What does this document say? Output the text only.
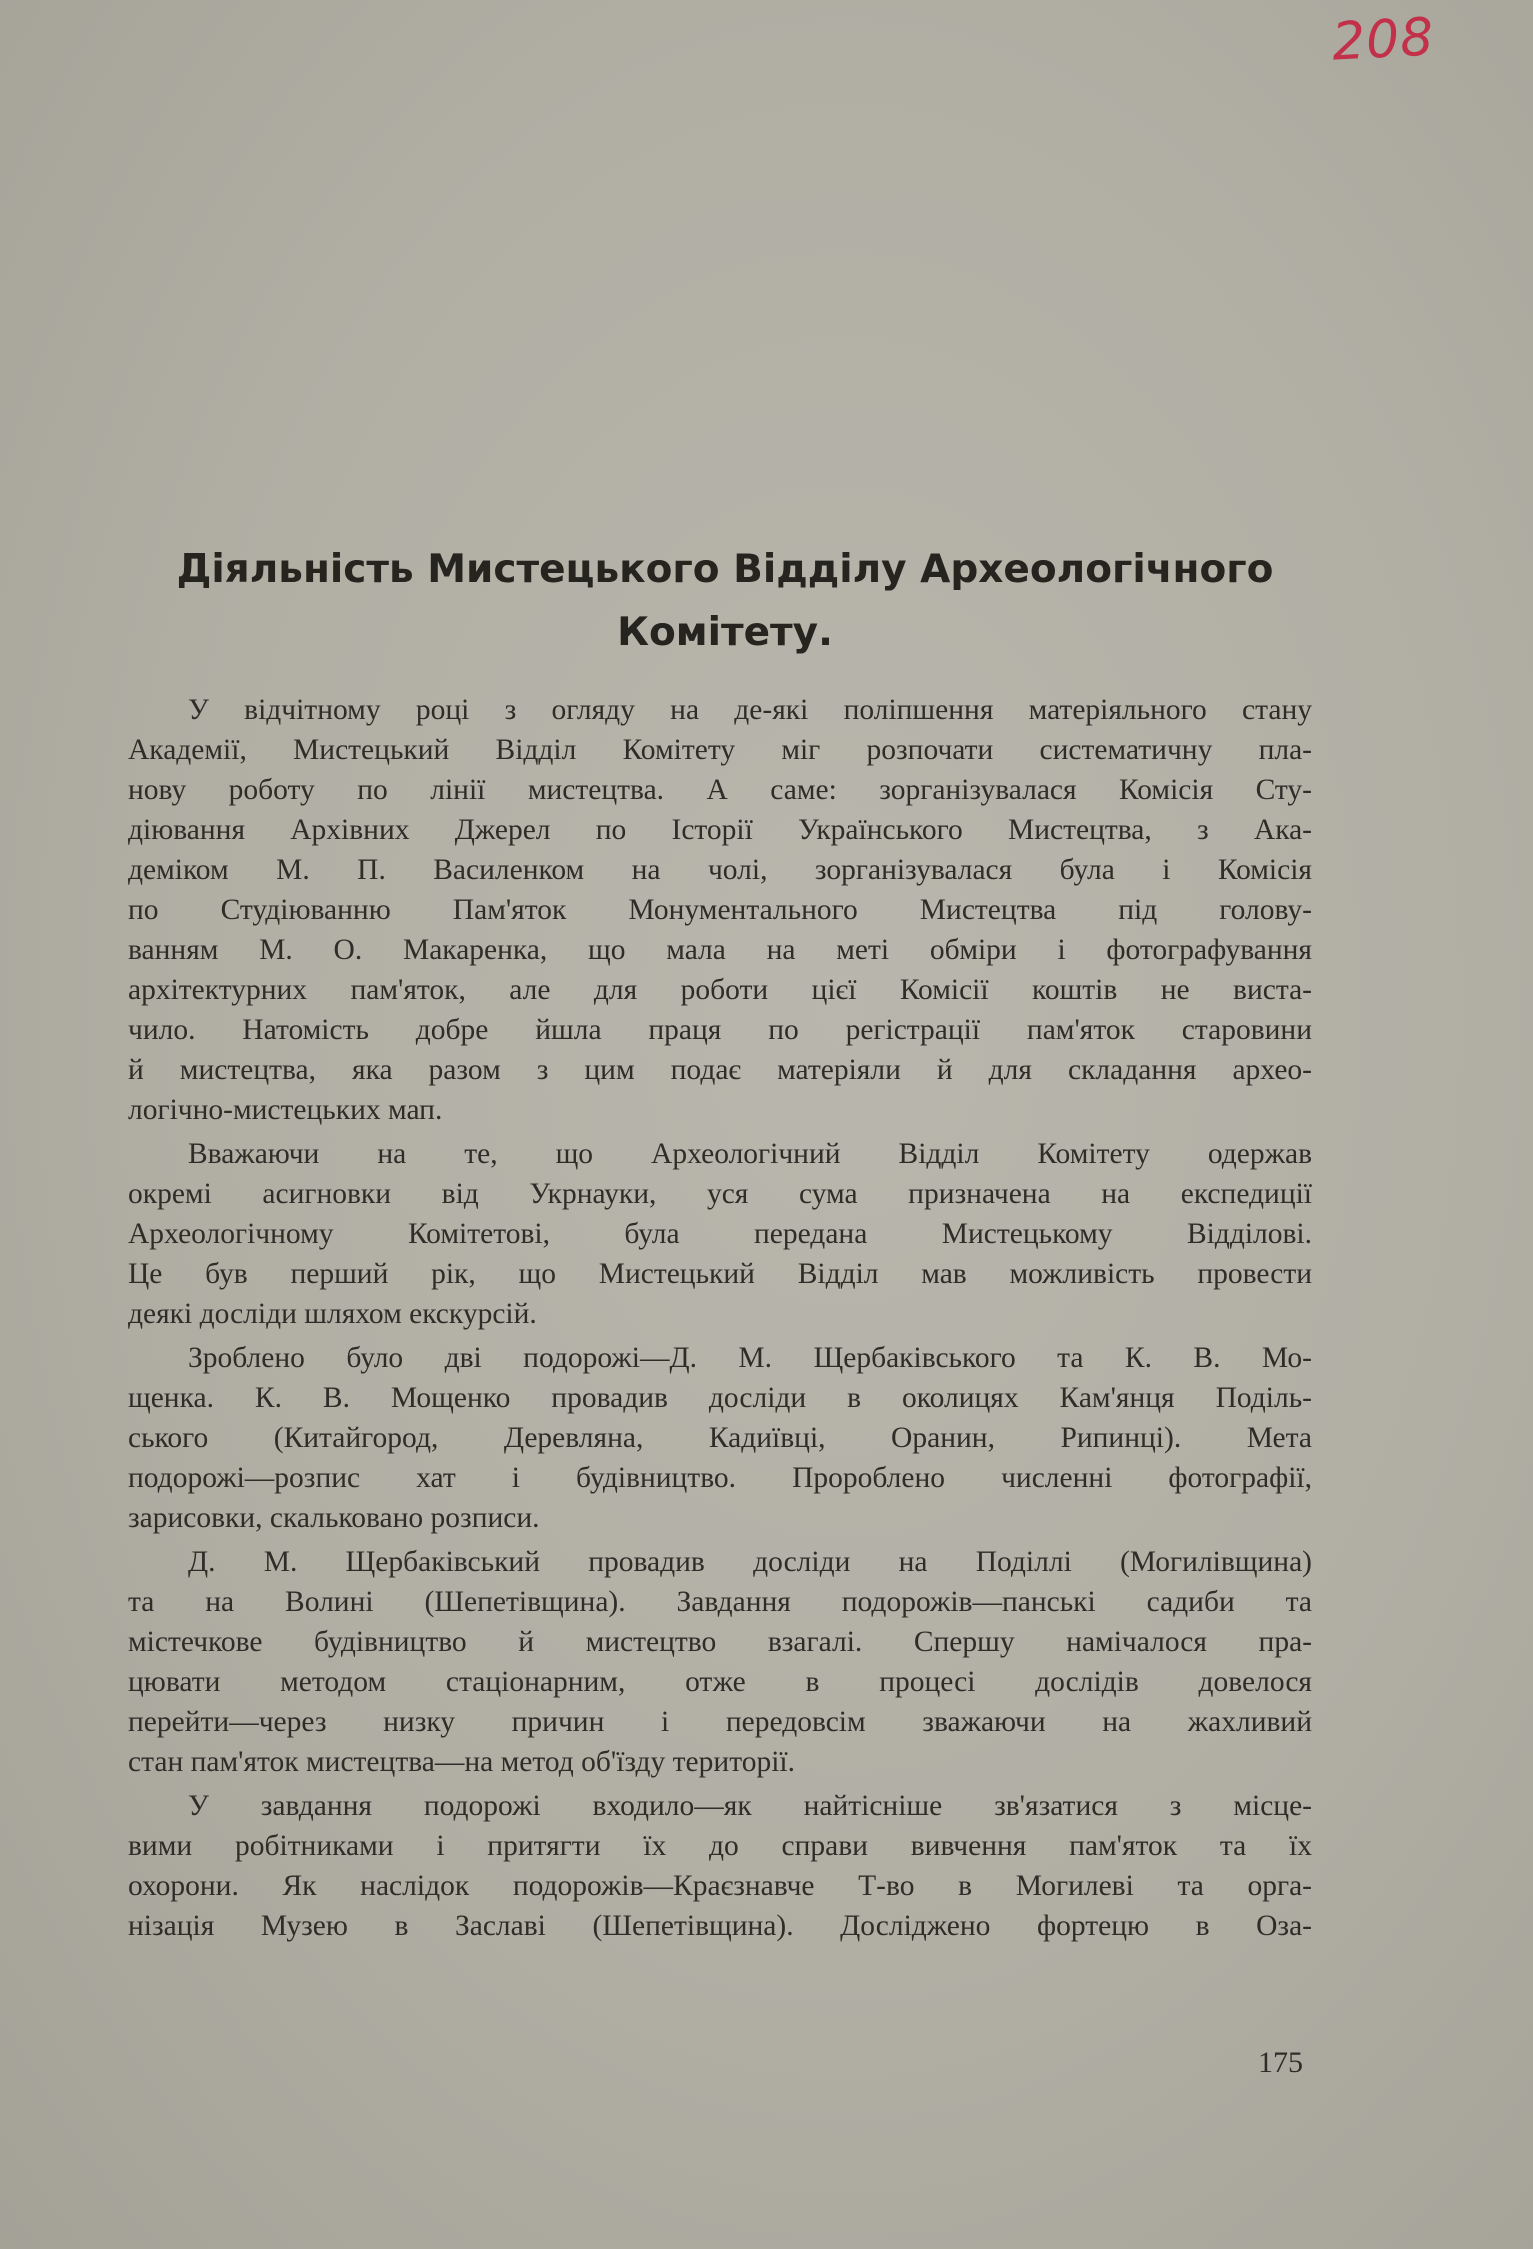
208
Діяльність Мистецького Відділу Археологічного
Комітету.
У відчітному році з огляду на де-які поліпшення матеріяльного стану
Академії, Мистецький Відділ Комітету міг розпочати систематичну пла-
нову роботу по лінії мистецтва. А саме: зорганізувалася Комісія Сту-
діювання Архівних Джерел по Історії Українського Мистецтва, з Ака-
деміком М. П. Василенком на чолі, зорганізувалася була і Комісія
по Студіюванню Пам'яток Монументального Мистецтва під голову-
ванням М. О. Макаренка, що мала на меті обміри і фотографування
архітектурних пам'яток, але для роботи цієї Комісії коштів не виста-
чило. Натомість добре йшла праця по регістрації пам'яток старовини
й мистецтва, яка разом з цим подає матеріяли й для складання архео-
логічно-мистецьких мап.
Вважаючи на те, що Археологічний Відділ Комітету одержав
окремі асигновки від Укрнауки, уся сума призначена на експедиції
Археологічному Комітетові, була передана Мистецькому Відділові.
Це був перший рік, що Мистецький Відділ мав можливість провести
деякі досліди шляхом екскурсій.
Зроблено було дві подорожі—Д. М. Щербаківського та К. В. Мо-
щенка. К. В. Мощенко провадив досліди в околицях Кам'янця Поділь-
ського (Китайгород, Деревляна, Кадиївці, Оранин, Рипинці). Мета
подорожі—розпис хат і будівництво. Пророблено численні фотографії,
зарисовки, скальковано розписи.
Д. М. Щербаківський провадив досліди на Поділлі (Могилівщина)
та на Волині (Шепетівщина). Завдання подорожів—панські садиби та
містечкове будівництво й мистецтво взагалі. Спершу намічалося пра-
цювати методом стаціонарним, отже в процесі дослідів довелося
перейти—через низку причин і передовсім зважаючи на жахливий
стан пам'яток мистецтва—на метод об'їзду території.
У завдання подорожі входило—як найтісніше зв'язатися з місце-
вими робітниками і притягти їх до справи вивчення пам'яток та їх
охорони. Як наслідок подорожів—Краєзнавче Т-во в Могилеві та орга-
нізація Музею в Заславі (Шепетівщина). Досліджено фортецю в Оза-
175
